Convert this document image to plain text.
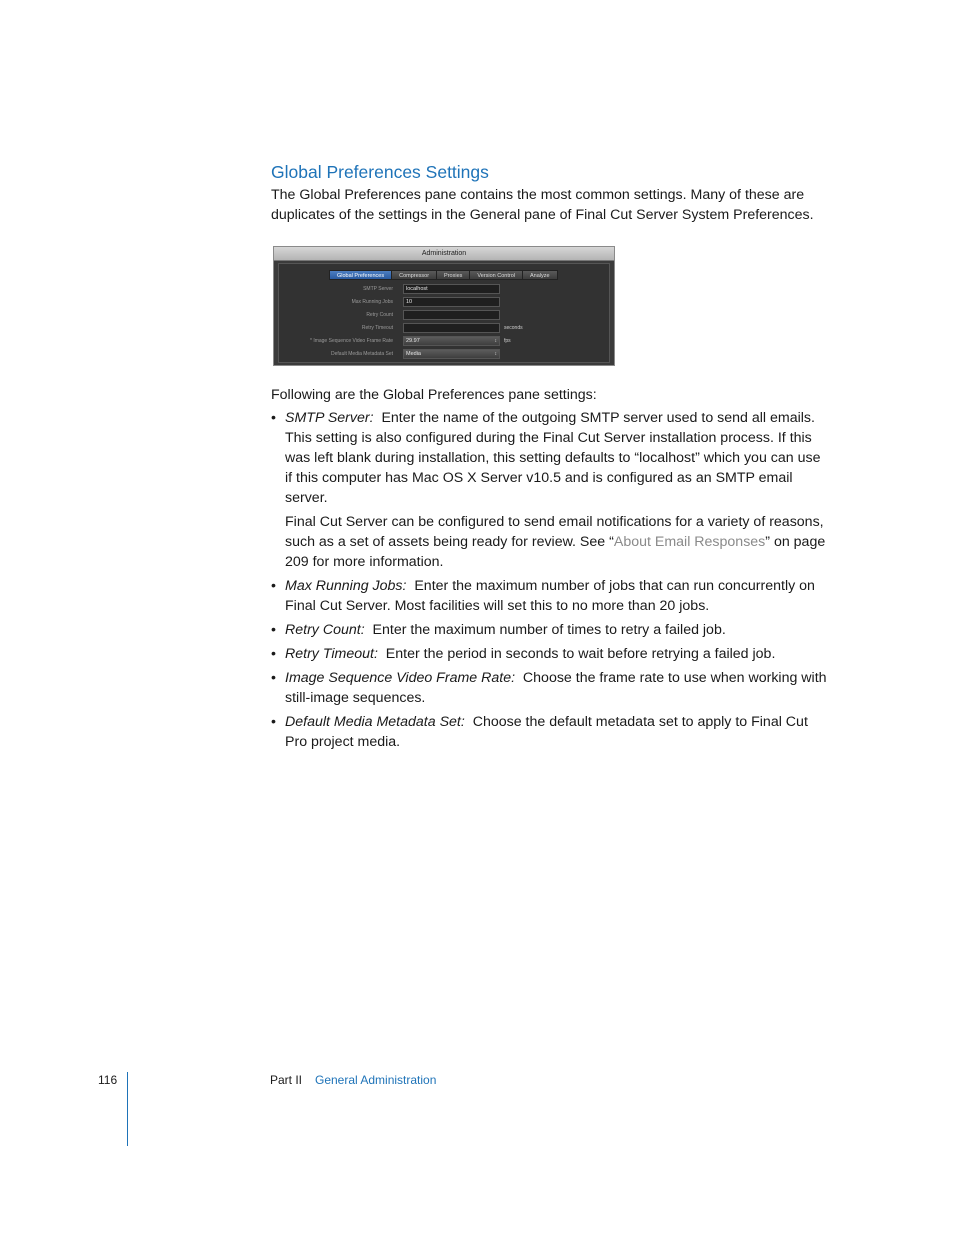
Global Preferences Settings

The Global Preferences pane contains the most common settings. Many of these are duplicates of the settings in the General pane of Final Cut Server System Preferences.

Administration
Global Preferences	Compressor	Proxies	Version Control	Analyze
SMTP Server	localhost
Max Running Jobs	10
Retry Count
Retry Timeout	seconds
* Image Sequence Video Frame Rate	29.97	↕ fps
Default Media Metadata Set	Media	↕

Following are the Global Preferences pane settings:

• SMTP Server: Enter the name of the outgoing SMTP server used to send all emails. This setting is also configured during the Final Cut Server installation process. If this was left blank during installation, this setting defaults to “localhost” which you can use if this computer has Mac OS X Server v10.5 and is configured as an SMTP email server.
Final Cut Server can be configured to send email notifications for a variety of reasons, such as a set of assets being ready for review. See “About Email Responses” on page 209 for more information.
• Max Running Jobs: Enter the maximum number of jobs that can run concurrently on Final Cut Server. Most facilities will set this to no more than 20 jobs.
• Retry Count: Enter the maximum number of times to retry a failed job.
• Retry Timeout: Enter the period in seconds to wait before retrying a failed job.
• Image Sequence Video Frame Rate: Choose the frame rate to use when working with still-image sequences.
• Default Media Metadata Set: Choose the default metadata set to apply to Final Cut Pro project media.
116	Part II General Administration
